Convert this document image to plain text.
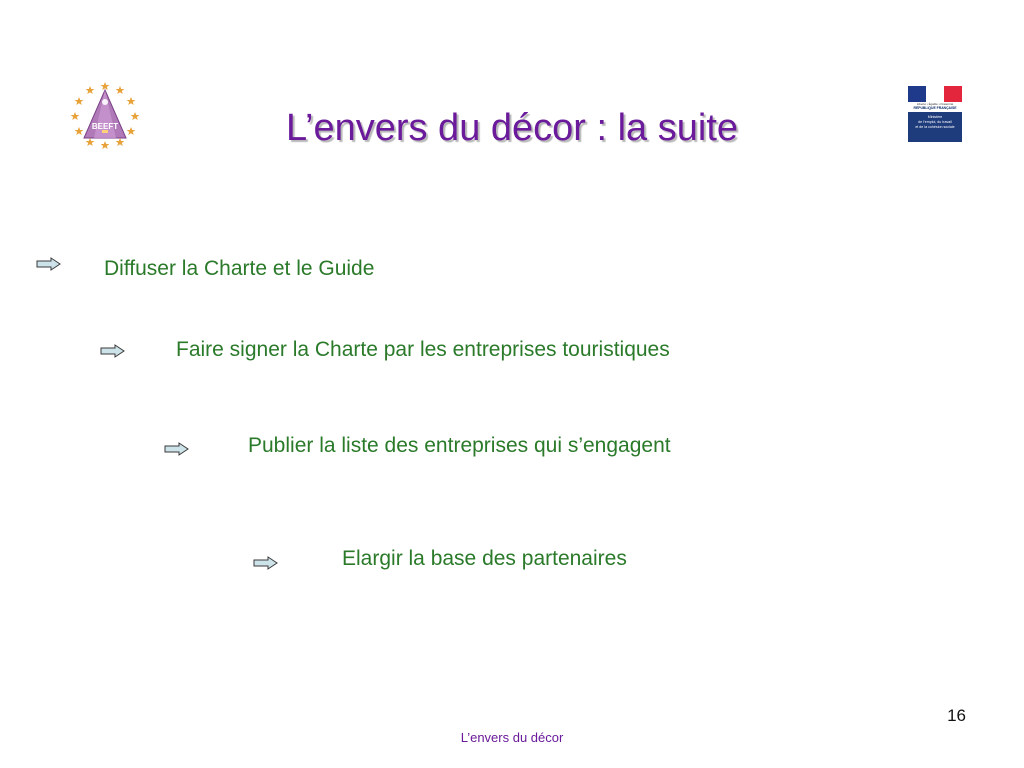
BEEFT
Liberté • Égalité • Fraternité
RÉPUBLIQUE FRANÇAISE
Ministère
de l’emploi, du travail
et de la cohésion sociale
L’envers du décor : la suite
Diffuser la Charte et le Guide
Faire signer la Charte par les entreprises touristiques
Publier la liste des entreprises qui s’engagent
Elargir la base des partenaires
16
L’envers du décor
